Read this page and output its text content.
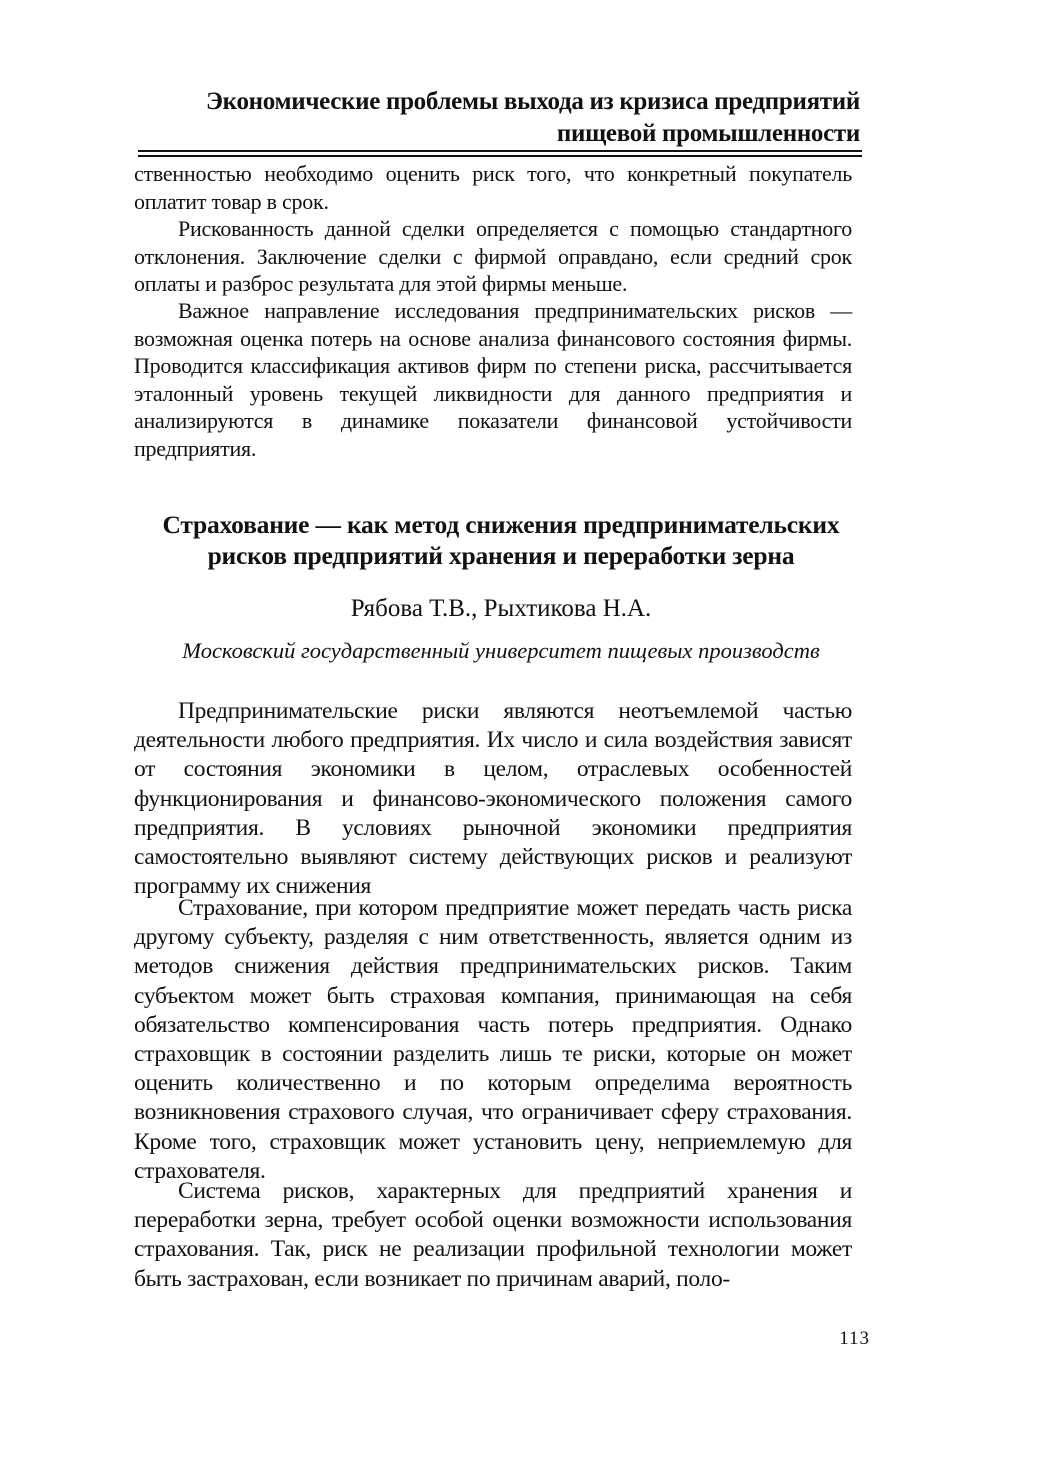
Экономические проблемы выхода из кризиса предприятий
пищевой промышленности

ственностью необходимо оценить риск того, что конкретный покупатель оплатит товар в срок.

Рискованность данной сделки определяется с помощью стандартного отклонения. Заключение сделки с фирмой оправдано, если средний срок оплаты и разброс результата для этой фирмы меньше.

Важное направление исследования предпринимательских рисков — возможная оценка потерь на основе анализа финансового состояния фирмы. Проводится классификация активов фирм по степени риска, рассчитывается эталонный уровень текущей ликвидности для данного предприятия и анализируются в динамике показатели финансовой устойчивости предприятия.

Страхование — как метод снижения предпринимательских
рисков предприятий хранения и переработки зерна

Рябова Т.В., Рыхтикова Н.А.

Московский государственный университет пищевых производств

Предпринимательские риски являются неотъемлемой частью деятельности любого предприятия. Их число и сила воздействия зависят от состояния экономики в целом, отраслевых особенностей функционирования и финансово-экономического положения самого предприятия. В условиях рыночной экономики предприятия самостоятельно выявляют систему действующих рисков и реализуют программу их снижения

Страхование, при котором предприятие может передать часть риска другому субъекту, разделяя с ним ответственность, является одним из методов снижения действия предпринимательских рисков. Таким субъектом может быть страховая компания, принимающая на себя обязательство компенсирования часть потерь предприятия. Однако страховщик в состоянии разделить лишь те риски, которые он может оценить количественно и по которым определима вероятность возникновения страхового случая, что ограничивает сферу страхования. Кроме того, страховщик может установить цену, неприемлемую для страхователя.

Система рисков, характерных для предприятий хранения и переработки зерна, требует особой оценки возможности использования страхования. Так, риск не реализации профильной технологии может быть застрахован, если возникает по причинам аварий, поло-

113
